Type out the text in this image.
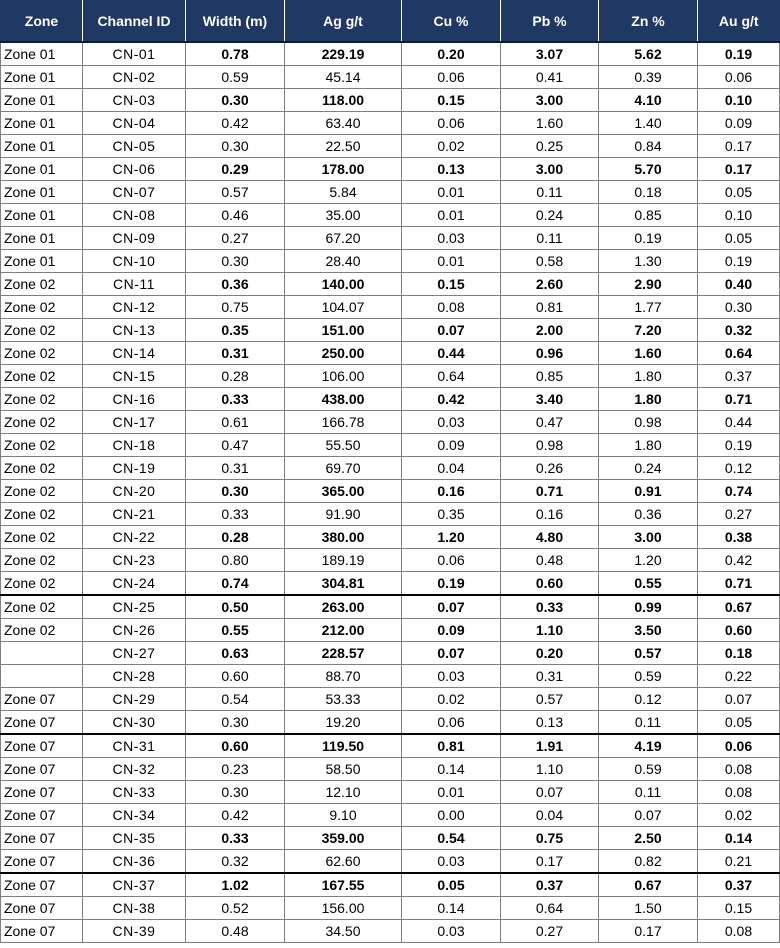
Zone	Channel ID	Width (m)	Ag g/t	Cu %	Pb %	Zn %	Au g/t
Zone 01	CN-01	0.78	229.19	0.20	3.07	5.62	0.19
Zone 01	CN-02	0.59	45.14	0.06	0.41	0.39	0.06
Zone 01	CN-03	0.30	118.00	0.15	3.00	4.10	0.10
Zone 01	CN-04	0.42	63.40	0.06	1.60	1.40	0.09
Zone 01	CN-05	0.30	22.50	0.02	0.25	0.84	0.17
Zone 01	CN-06	0.29	178.00	0.13	3.00	5.70	0.17
Zone 01	CN-07	0.57	5.84	0.01	0.11	0.18	0.05
Zone 01	CN-08	0.46	35.00	0.01	0.24	0.85	0.10
Zone 01	CN-09	0.27	67.20	0.03	0.11	0.19	0.05
Zone 01	CN-10	0.30	28.40	0.01	0.58	1.30	0.19
Zone 02	CN-11	0.36	140.00	0.15	2.60	2.90	0.40
Zone 02	CN-12	0.75	104.07	0.08	0.81	1.77	0.30
Zone 02	CN-13	0.35	151.00	0.07	2.00	7.20	0.32
Zone 02	CN-14	0.31	250.00	0.44	0.96	1.60	0.64
Zone 02	CN-15	0.28	106.00	0.64	0.85	1.80	0.37
Zone 02	CN-16	0.33	438.00	0.42	3.40	1.80	0.71
Zone 02	CN-17	0.61	166.78	0.03	0.47	0.98	0.44
Zone 02	CN-18	0.47	55.50	0.09	0.98	1.80	0.19
Zone 02	CN-19	0.31	69.70	0.04	0.26	0.24	0.12
Zone 02	CN-20	0.30	365.00	0.16	0.71	0.91	0.74
Zone 02	CN-21	0.33	91.90	0.35	0.16	0.36	0.27
Zone 02	CN-22	0.28	380.00	1.20	4.80	3.00	0.38
Zone 02	CN-23	0.80	189.19	0.06	0.48	1.20	0.42
Zone 02	CN-24	0.74	304.81	0.19	0.60	0.55	0.71
Zone 02	CN-25	0.50	263.00	0.07	0.33	0.99	0.67
Zone 02	CN-26	0.55	212.00	0.09	1.10	3.50	0.60
	CN-27	0.63	228.57	0.07	0.20	0.57	0.18
	CN-28	0.60	88.70	0.03	0.31	0.59	0.22
Zone 07	CN-29	0.54	53.33	0.02	0.57	0.12	0.07
Zone 07	CN-30	0.30	19.20	0.06	0.13	0.11	0.05
Zone 07	CN-31	0.60	119.50	0.81	1.91	4.19	0.06
Zone 07	CN-32	0.23	58.50	0.14	1.10	0.59	0.08
Zone 07	CN-33	0.30	12.10	0.01	0.07	0.11	0.08
Zone 07	CN-34	0.42	9.10	0.00	0.04	0.07	0.02
Zone 07	CN-35	0.33	359.00	0.54	0.75	2.50	0.14
Zone 07	CN-36	0.32	62.60	0.03	0.17	0.82	0.21
Zone 07	CN-37	1.02	167.55	0.05	0.37	0.67	0.37
Zone 07	CN-38	0.52	156.00	0.14	0.64	1.50	0.15
Zone 07	CN-39	0.48	34.50	0.03	0.27	0.17	0.08
